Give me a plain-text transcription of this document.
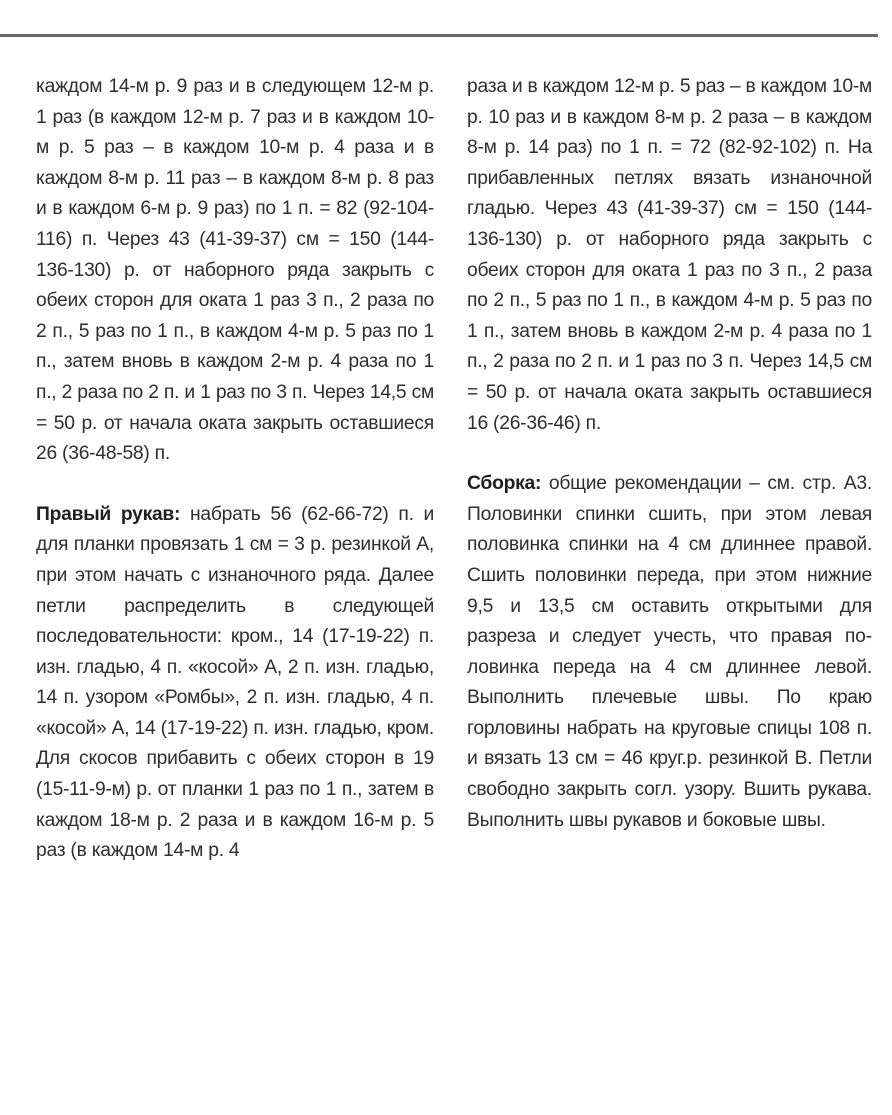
каждом 14-м р. 9 раз и в следующем 12-м р. 1 раз (в каждом 12-м р. 7 раз и в каждом 10-м р. 5 раз – в каждом 10-м р. 4 раза и в каждом 8-м р. 11 раз – в каждом 8-м р. 8 раз и в каждом 6-м р. 9 раз) по 1 п. = 82 (92-104-116) п. Через 43 (41-39-37) см = 150 (144-136-130) р. от наборного ряда закрыть с обеих сторон для оката 1 раз 3 п., 2 раза по 2 п., 5 раз по 1 п., в каждом 4-м р. 5 раз по 1 п., затем вновь в каждом 2-м р. 4 раза по 1 п., 2 раза по 2 п. и 1 раз по 3 п. Через 14,5 см = 50 р. от начала оката закрыть оставшиеся 26 (36-48-58) п.

Правый рукав: набрать 56 (62-66-72) п. и для планки провязать 1 см = 3 р. резинкой А, при этом начать с изнаночного ряда. Далее петли распределить в следующей последовательности: кром., 14 (17-19-22) п. изн. гладью, 4 п. «косой» А, 2 п. изн. гладью, 14 п. узором «Ромбы», 2 п. изн. гладью, 4 п. «косой» А, 14 (17-19-22) п. изн. гладью, кром. Для скосов прибавить с обеих сторон в 19 (15-11-9-м) р. от планки 1 раз по 1 п., затем в каждом 18-м р. 2 раза и в каждом 16-м р. 5 раз (в каждом 14-м р. 4

раза и в каждом 12-м р. 5 раз – в каждом 10-м р. 10 раз и в каждом 8-м р. 2 раза – в каждом 8-м р. 14 раз) по 1 п. = 72 (82-92-102) п. На прибавленных петлях вязать изнаночной гладью. Через 43 (41-39-37) см = 150 (144-136-130) р. от наборного ряда закрыть с обеих сторон для оката 1 раз по 3 п., 2 раза по 2 п., 5 раз по 1 п., в каждом 4-м р. 5 раз по 1 п., затем вновь в каждом 2-м р. 4 раза по 1 п., 2 раза по 2 п. и 1 раз по 3 п. Через 14,5 см = 50 р. от начала оката закрыть оставшиеся 16 (26-36-46) п.

Сборка: общие рекомендации – см. стр. А3. Половинки спинки сшить, при этом левая половинка спинки на 4 см длиннее правой. Сшить половинки переда, при этом нижние 9,5 и 13,5 см оставить открытыми для разреза и следует учесть, что правая половинка переда на 4 см длиннее левой. Выполнить плечевые швы. По краю горловины набрать на круговые спицы 108 п. и вязать 13 см = 46 круг.р. резинкой В. Петли свободно закрыть согл. узору. Вшить рукава. Выполнить швы рукавов и боковые швы.
